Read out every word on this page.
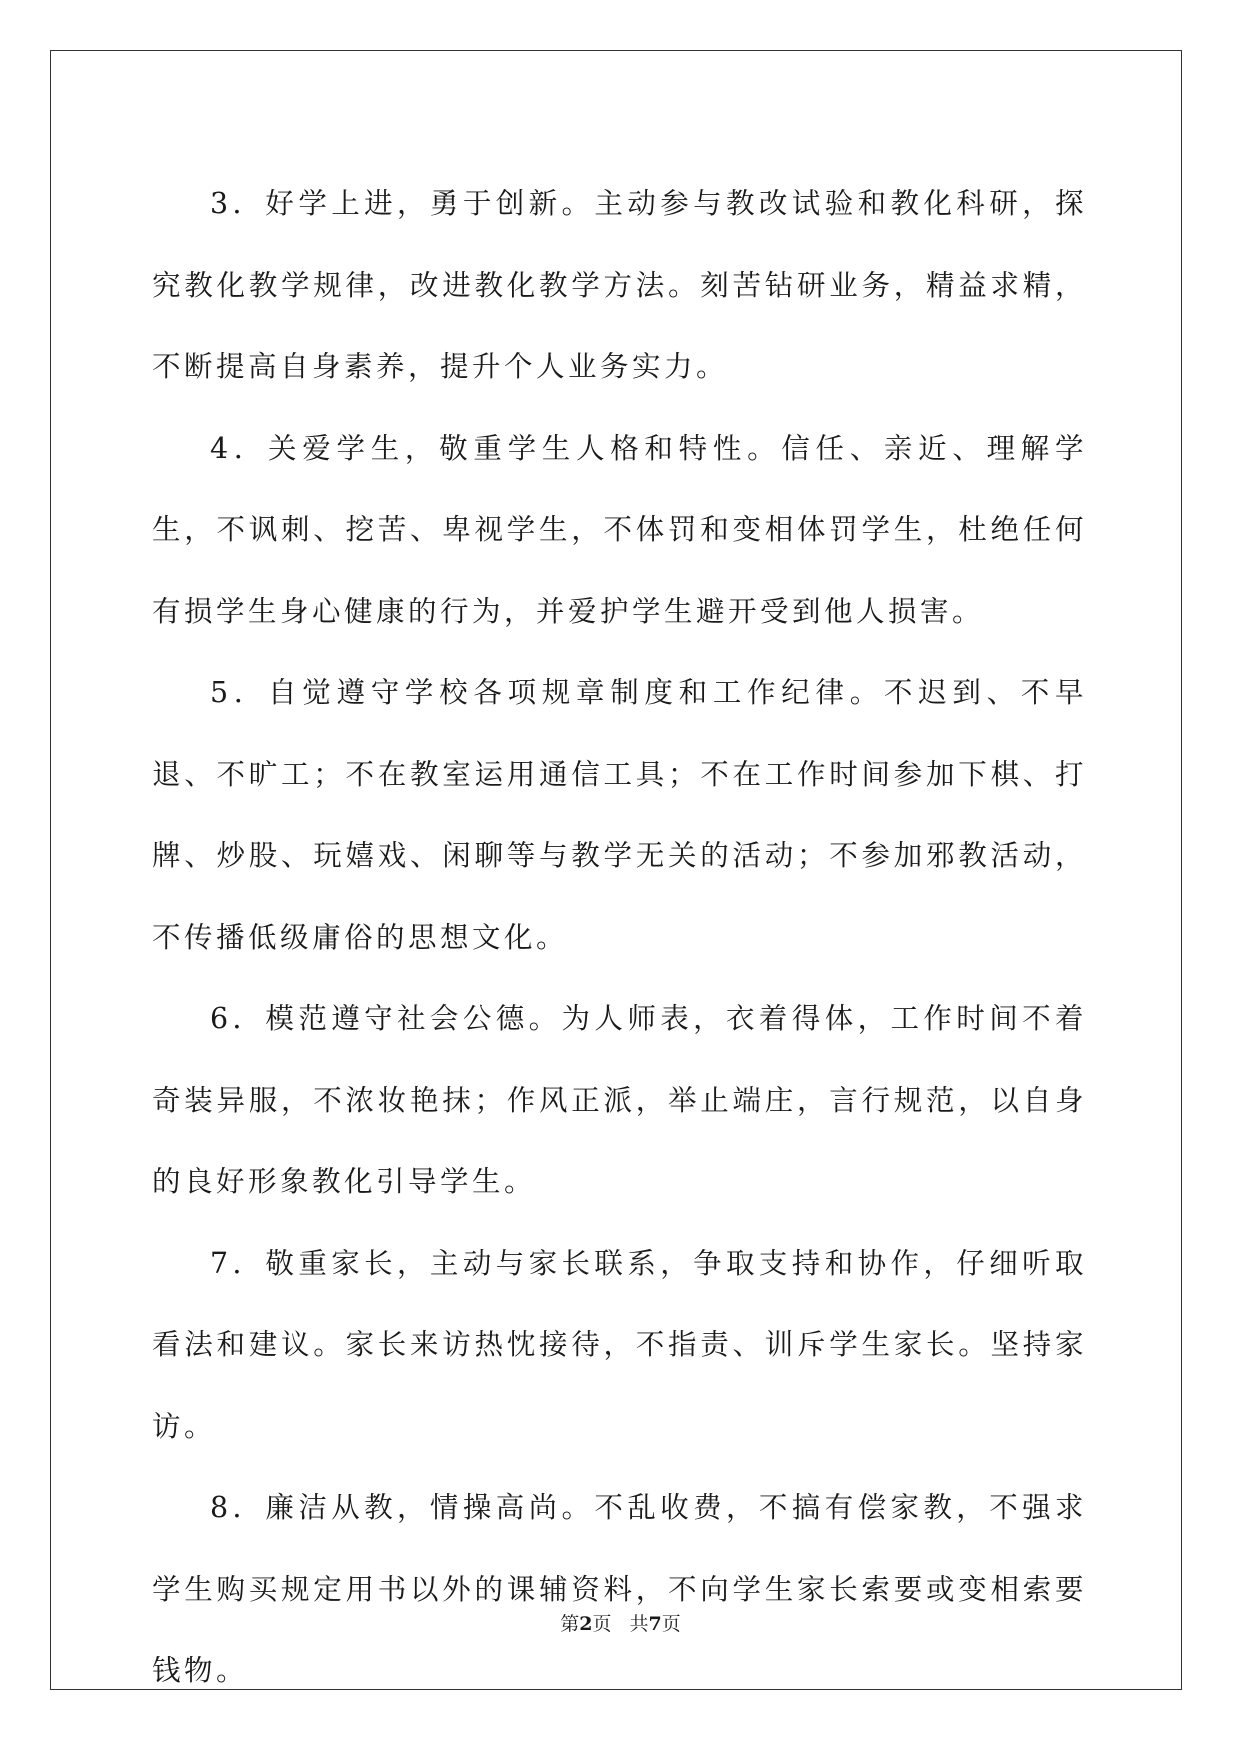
3．好学上进，勇于创新。主动参与教改试验和教化科研，探究教化教学规律，改进教化教学方法。刻苦钻研业务，精益求精，不断提高自身素养，提升个人业务实力。

4．关爱学生，敬重学生人格和特性。信任、亲近、理解学生，不讽刺、挖苦、卑视学生，不体罚和变相体罚学生，杜绝任何有损学生身心健康的行为，并爱护学生避开受到他人损害。

5．自觉遵守学校各项规章制度和工作纪律。不迟到、不早退、不旷工；不在教室运用通信工具；不在工作时间参加下棋、打牌、炒股、玩嬉戏、闲聊等与教学无关的活动；不参加邪教活动，不传播低级庸俗的思想文化。

6．模范遵守社会公德。为人师表，衣着得体，工作时间不着奇装异服，不浓妆艳抹；作风正派，举止端庄，言行规范，以自身的良好形象教化引导学生。

7．敬重家长，主动与家长联系，争取支持和协作，仔细听取看法和建议。家长来访热忱接待，不指责、训斥学生家长。坚持家访。

8．廉洁从教，情操高尚。不乱收费，不搞有偿家教，不强求学生购买规定用书以外的课辅资料，不向学生家长索要或变相索要钱物。

第2页 共7页
